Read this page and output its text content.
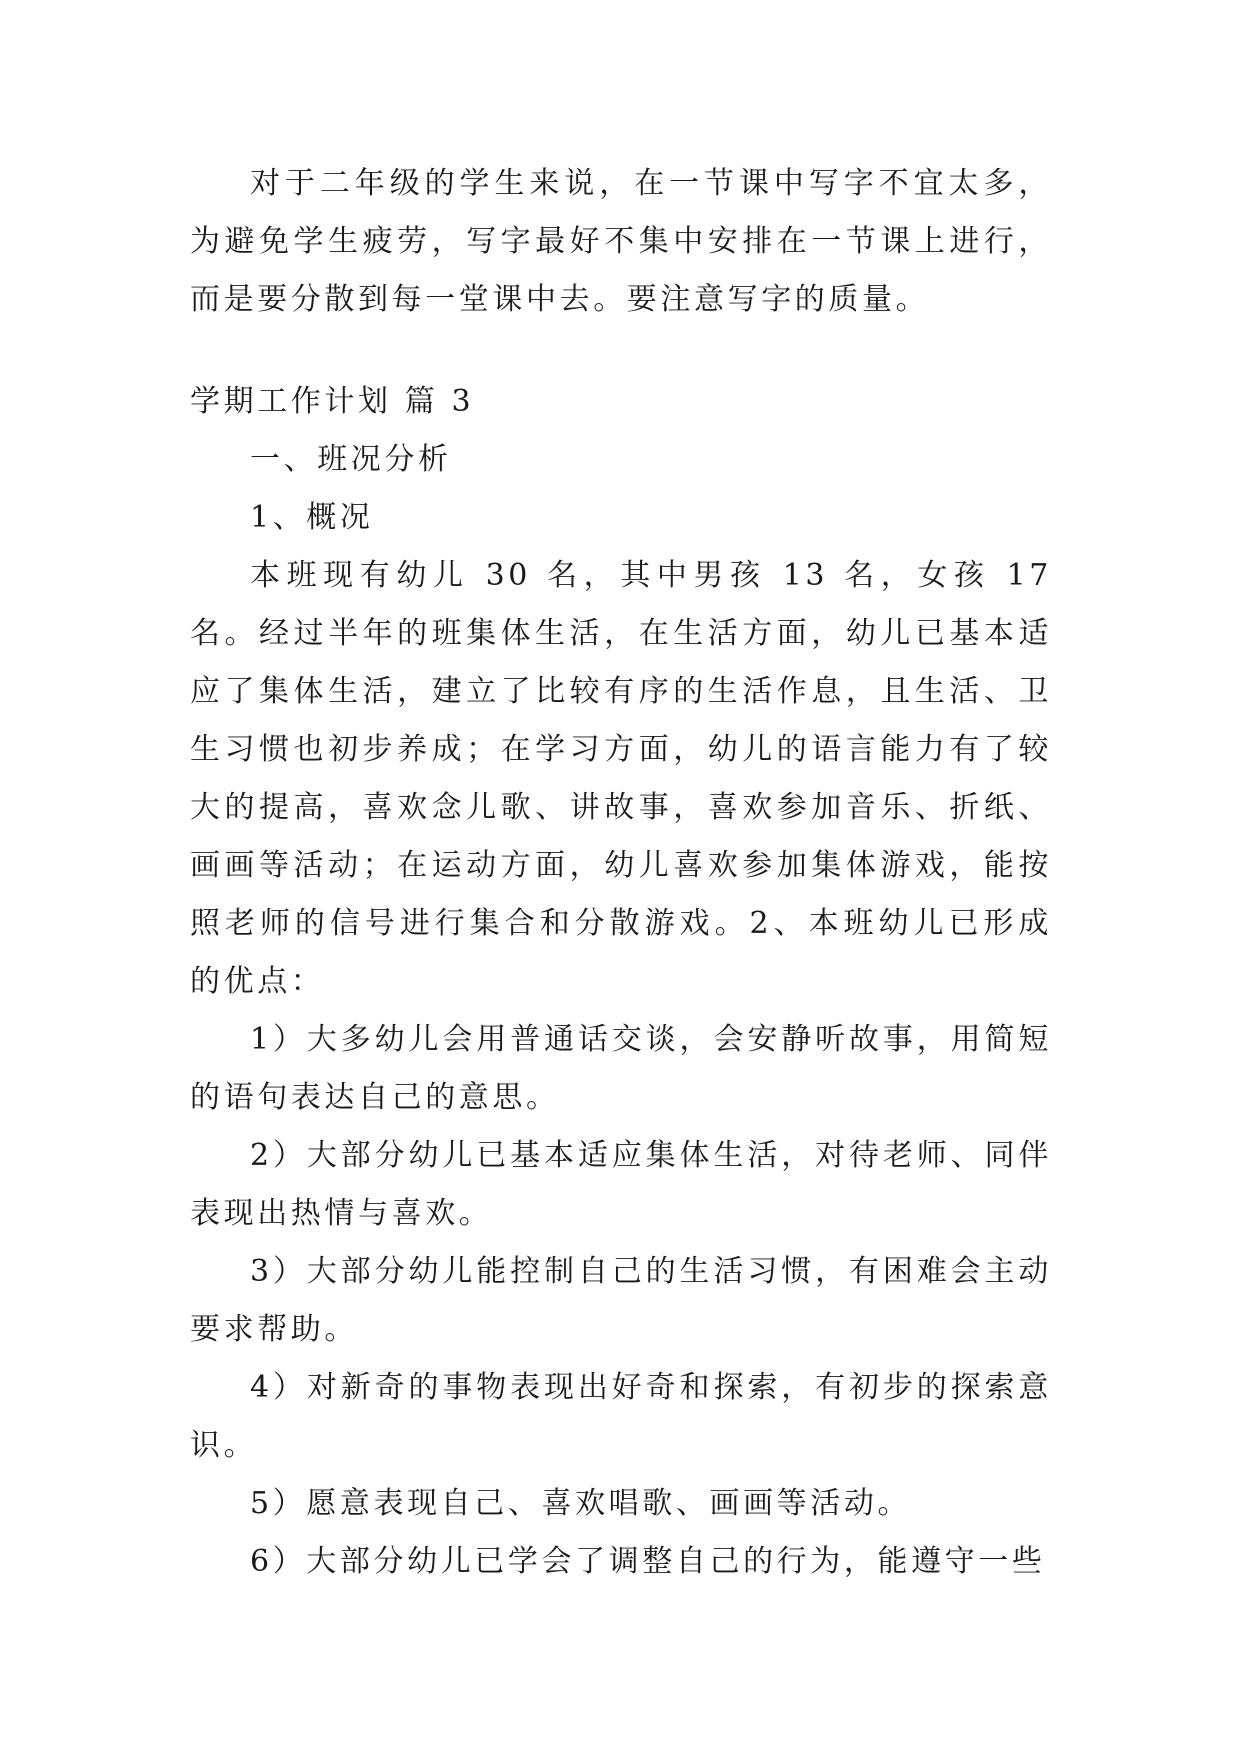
对于二年级的学生来说，在一节课中写字不宜太多，为避免学生疲劳，写字最好不集中安排在一节课上进行，而是要分散到每一堂课中去。要注意写字的质量。

学期工作计划 篇 3

一、班况分析

1、概况

本班现有幼儿 30 名，其中男孩 13 名，女孩 17 名。经过半年的班集体生活，在生活方面，幼儿已基本适应了集体生活，建立了比较有序的生活作息，且生活、卫生习惯也初步养成；在学习方面，幼儿的语言能力有了较大的提高，喜欢念儿歌、讲故事，喜欢参加音乐、折纸、画画等活动；在运动方面，幼儿喜欢参加集体游戏，能按照老师的信号进行集合和分散游戏。2、本班幼儿已形成的优点：

1）大多幼儿会用普通话交谈，会安静听故事，用简短的语句表达自己的意思。

2）大部分幼儿已基本适应集体生活，对待老师、同伴表现出热情与喜欢。

3）大部分幼儿能控制自己的生活习惯，有困难会主动要求帮助。

4）对新奇的事物表现出好奇和探索，有初步的探索意识。

5）愿意表现自己、喜欢唱歌、画画等活动。

6）大部分幼儿已学会了调整自己的行为，能遵守一些
